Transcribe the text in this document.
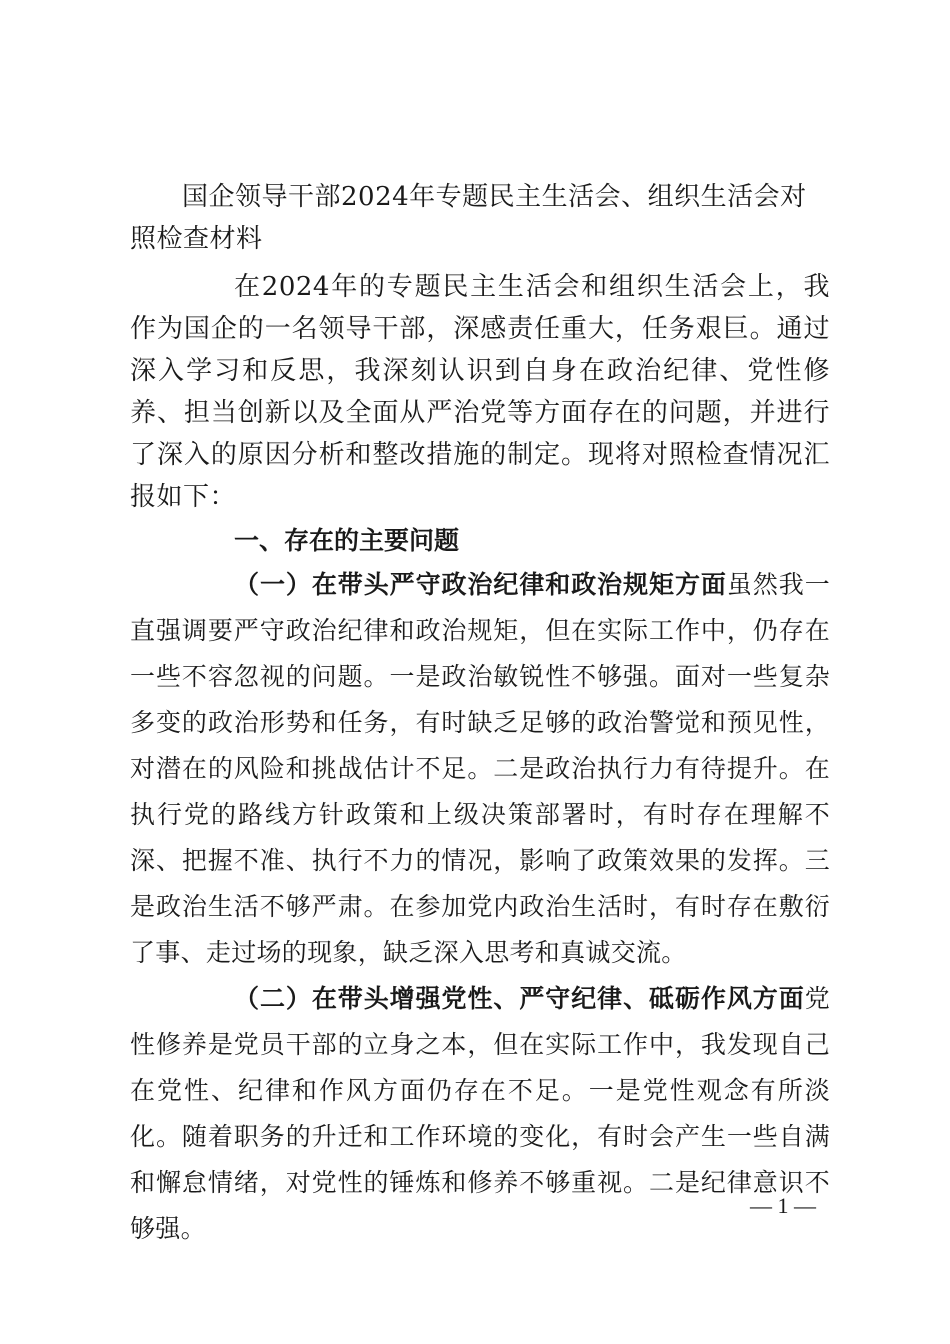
国企领导干部2024年专题民主生活会、组织生活会对照检查材料

在2024年的专题民主生活会和组织生活会上，我作为国企的一名领导干部，深感责任重大，任务艰巨。通过深入学习和反思，我深刻认识到自身在政治纪律、党性修养、担当创新以及全面从严治党等方面存在的问题，并进行了深入的原因分析和整改措施的制定。现将对照检查情况汇报如下：

一、存在的主要问题

（一）在带头严守政治纪律和政治规矩方面虽然我一直强调要严守政治纪律和政治规矩，但在实际工作中，仍存在一些不容忽视的问题。一是政治敏锐性不够强。面对一些复杂多变的政治形势和任务，有时缺乏足够的政治警觉和预见性，对潜在的风险和挑战估计不足。二是政治执行力有待提升。在执行党的路线方针政策和上级决策部署时，有时存在理解不深、把握不准、执行不力的情况，影响了政策效果的发挥。三是政治生活不够严肃。在参加党内政治生活时，有时存在敷衍了事、走过场的现象，缺乏深入思考和真诚交流。

（二）在带头增强党性、严守纪律、砥砺作风方面党性修养是党员干部的立身之本，但在实际工作中，我发现自己在党性、纪律和作风方面仍存在不足。一是党性观念有所淡化。随着职务的升迁和工作环境的变化，有时会产生一些自满和懈怠情绪，对党性的锤炼和修养不够重视。二是纪律意识不够强。

— 1 —
